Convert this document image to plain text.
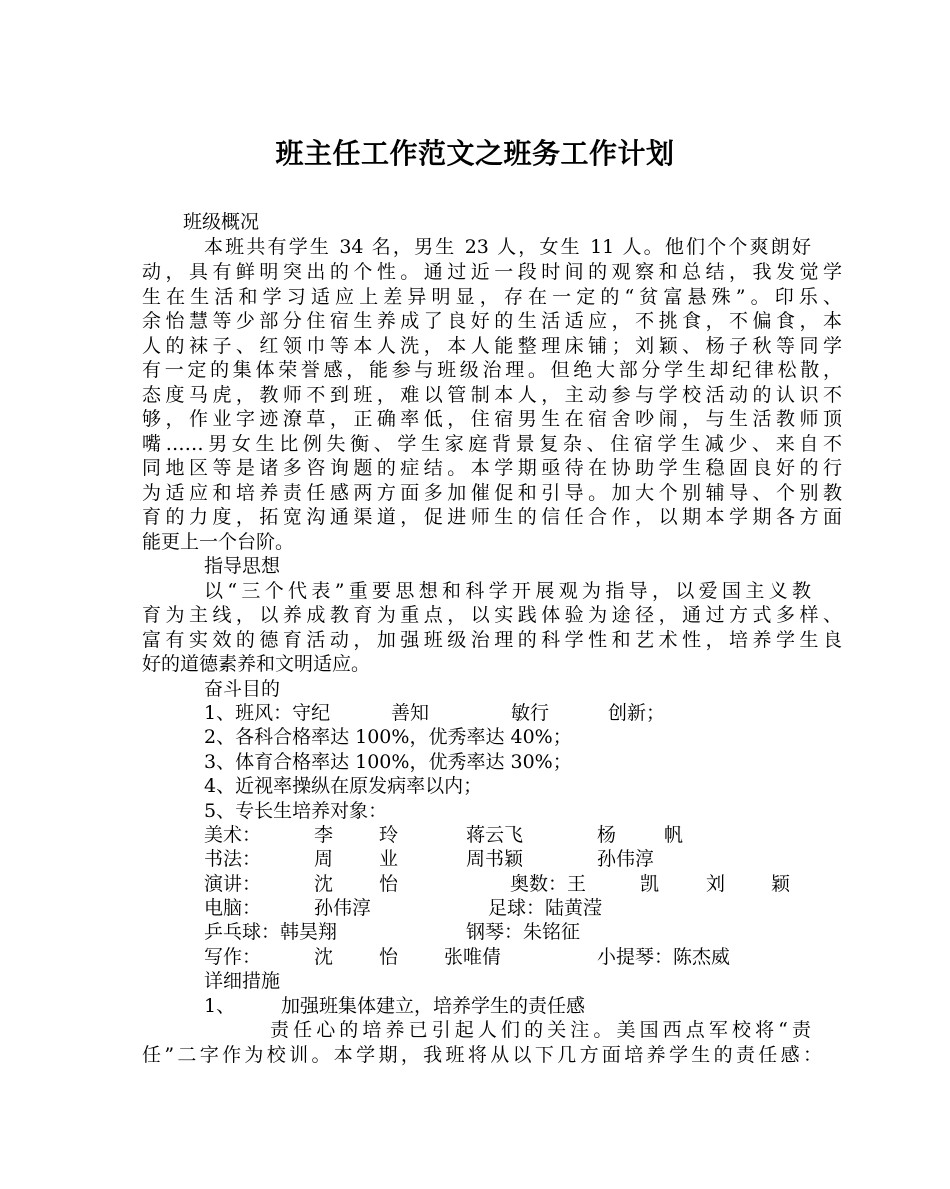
班主任工作范文之班务工作计划
班级概况
本班共有学生 34 名，男生 23 人，女生 11 人。他们个个爽朗好
动，具有鲜明突出的个性。通过近一段时间的观察和总结，我发觉学
生在生活和学习适应上差异明显，存在一定的“贫富悬殊”。印乐、
余怡慧等少部分住宿生养成了良好的生活适应，不挑食，不偏食，本
人的袜子、红领巾等本人洗，本人能整理床铺；刘颖、杨子秋等同学
有一定的集体荣誉感，能参与班级治理。但绝大部分学生却纪律松散，
态度马虎，教师不到班，难以管制本人，主动参与学校活动的认识不
够，作业字迹潦草，正确率低，住宿男生在宿舍吵闹，与生活教师顶
嘴……男女生比例失衡、学生家庭背景复杂、住宿学生减少、来自不
同地区等是诸多咨询题的症结。本学期亟待在协助学生稳固良好的行
为适应和培养责任感两方面多加催促和引导。加大个别辅导、个别教
育的力度，拓宽沟通渠道，促进师生的信任合作，以期本学期各方面
能更上一个台阶。
指导思想
以“三个代表”重要思想和科学开展观为指导，以爱国主义教
育为主线，以养成教育为重点，以实践体验为途径，通过方式多样、
富有实效的德育活动，加强班级治理的科学性和艺术性，培养学生良
好的道德素养和文明适应。
奋斗目的
1、班风：守纪	善知	敏行	创新；
2、各科合格率达 100%，优秀率达 40%；
3、体育合格率达 100%，优秀率达 30%；
4、近视率操纵在原发病率以内；
5、专长生培养对象：
美术：	李 玲	蒋云飞	杨	帆
书法：	周 业	周书颖	孙伟淳
演讲：	沈 怡	奥数：王	凯 刘 颖
电脑：	孙伟淳	足球：陆黄滢
乒乓球：韩昊翔	钢琴：朱铭征
写作：	沈 怡 张唯倩	小提琴：陈杰威
详细措施
1、 加强班集体建立，培养学生的责任感
责任心的培养已引起人们的关注。美国西点军校将“责
任”二字作为校训。本学期，我班将从以下几方面培养学生的责任感：
